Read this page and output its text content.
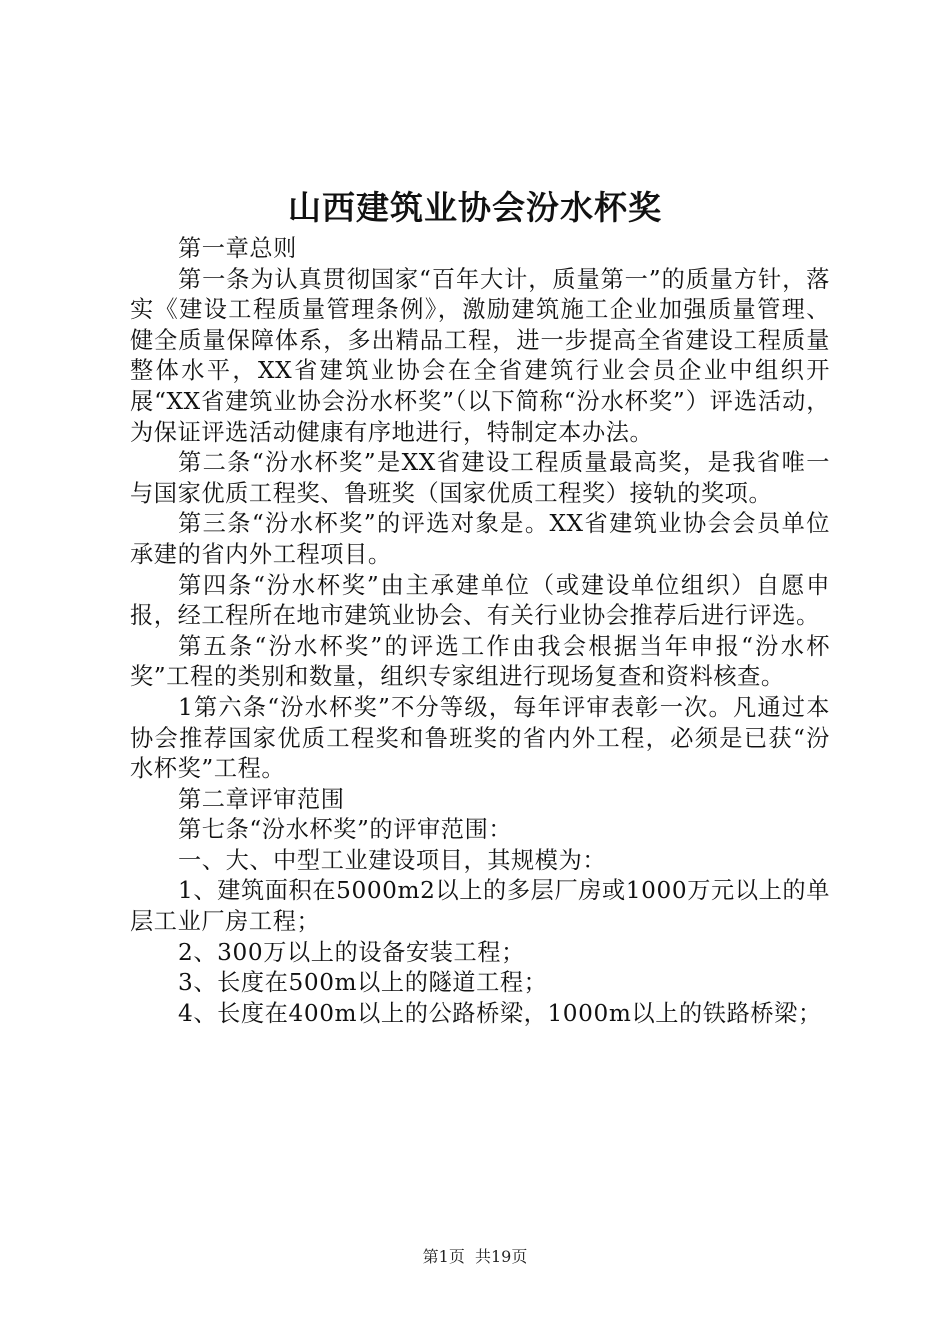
山西建筑业协会汾水杯奖

第一章总则

第一条为认真贯彻国家“百年大计，质量第一”的质量方针，落实《建设工程质量管理条例》，激励建筑施工企业加强质量管理、健全质量保障体系，多出精品工程，进一步提高全省建设工程质量整体水平，XX省建筑业协会在全省建筑行业会员企业中组织开展“XX省建筑业协会汾水杯奖”（以下简称“汾水杯奖”）评选活动，为保证评选活动健康有序地进行，特制定本办法。

第二条“汾水杯奖”是XX省建设工程质量最高奖，是我省唯一与国家优质工程奖、鲁班奖（国家优质工程奖）接轨的奖项。

第三条“汾水杯奖”的评选对象是。XX省建筑业协会会员单位承建的省内外工程项目。

第四条“汾水杯奖”由主承建单位（或建设单位组织）自愿申报，经工程所在地市建筑业协会、有关行业协会推荐后进行评选。

第五条“汾水杯奖”的评选工作由我会根据当年申报“汾水杯奖”工程的类别和数量，组织专家组进行现场复查和资料核查。

1第六条“汾水杯奖”不分等级，每年评审表彰一次。凡通过本协会推荐国家优质工程奖和鲁班奖的省内外工程，必须是已获“汾水杯奖”工程。

第二章评审范围

第七条“汾水杯奖”的评审范围：

一、大、中型工业建设项目，其规模为：

1、建筑面积在5000m2以上的多层厂房或1000万元以上的单层工业厂房工程；

2、300万以上的设备安装工程；

3、长度在500m以上的隧道工程；

4、长度在400m以上的公路桥梁，1000m以上的铁路桥梁；

第1页  共19页
